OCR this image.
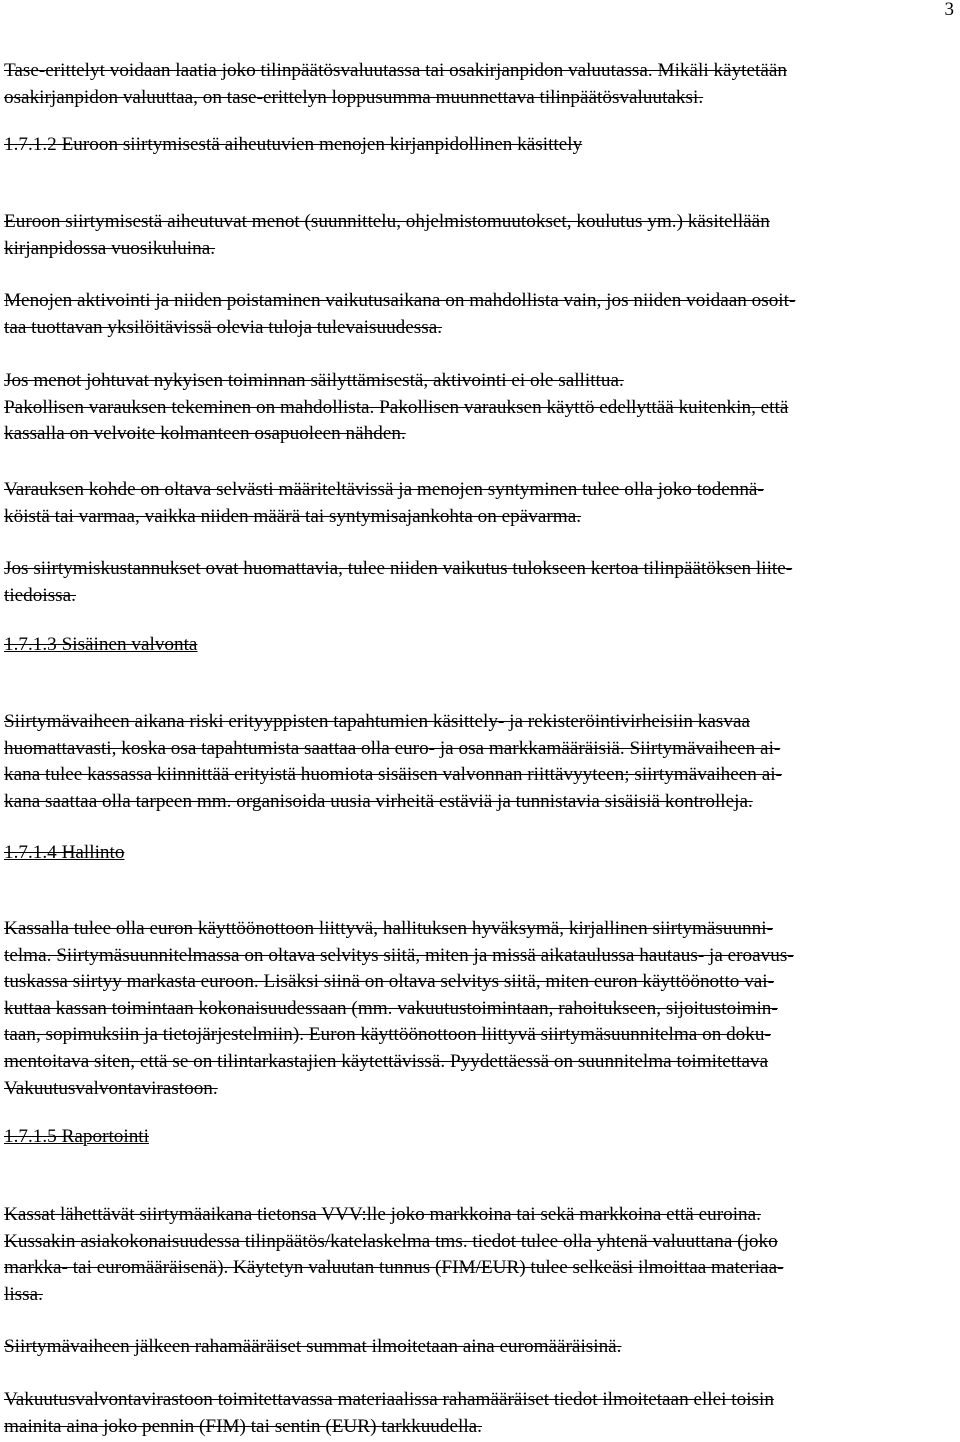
3
Tase-erittelyt voidaan laatia joko tilinpäätösvaluutassa tai osakirjanpidon valuutassa. Mikäli käytetään
osakirjanpidon valuuttaa, on tase-erittelyn loppusumma muunnettava tilinpäätösvaluutaksi.
1.7.1.2 Euroon siirtymisestä aiheutuvien menojen kirjanpidollinen käsittely
Euroon siirtymisestä aiheutuvat menot (suunnittelu, ohjelmistomuutokset, koulutus ym.) käsitellään
kirjanpidossa vuosikuluina.
Menojen aktivointi ja niiden poistaminen vaikutusaikana on mahdollista vain, jos niiden voidaan osoit-
taa tuottavan yksilöitävissä olevia tuloja tulevaisuudessa.
Jos menot johtuvat nykyisen toiminnan säilyttämisestä, aktivointi ei ole sallittua.
Pakollisen varauksen tekeminen on mahdollista. Pakollisen varauksen käyttö edellyttää kuitenkin, että
kassalla on velvoite kolmanteen osapuoleen nähden.
Varauksen kohde on oltava selvästi määriteltävissä ja menojen syntyminen tulee olla joko todennä-
köistä tai varmaa, vaikka niiden määrä tai syntymisajankohta on epävarma.
Jos siirtymiskustannukset ovat huomattavia, tulee niiden vaikutus tulokseen kertoa tilinpäätöksen liite-
tiedoissa.
1.7.1.3 Sisäinen valvonta
Siirtymävaiheen aikana riski erityyppisten tapahtumien käsittely- ja rekisteröintivirheisiin kasvaa
huomattavasti, koska osa tapahtumista saattaa olla euro- ja osa markkamääräisiä. Siirtymävaiheen ai-
kana tulee kassassa kiinnittää erityistä huomiota sisäisen valvonnan riittävyyteen; siirtymävaiheen ai-
kana saattaa olla tarpeen mm. organisoida uusia virheitä estäviä ja tunnistavia sisäisiä kontrolleja.
1.7.1.4 Hallinto
Kassalla tulee olla euron käyttöönottoon liittyvä, hallituksen hyväksymä, kirjallinen siirtymäsuunni-
telma. Siirtymäsuunnitelmassa on oltava selvitys siitä, miten ja missä aikataulussa hautaus- ja eroavus-
tuskassa siirtyy markasta euroon. Lisäksi siinä on oltava selvitys siitä, miten euron käyttöönotto vai-
kuttaa kassan toimintaan kokonaisuudessaan (mm. vakuutustoimintaan, rahoitukseen, sijoitustoimin-
taan, sopimuksiin ja tietojärjestelmiin). Euron käyttöönottoon liittyvä siirtymäsuunnitelma on doku-
mentoitava siten, että se on tilintarkastajien käytettävissä. Pyydettäessä on suunnitelma toimitettava
Vakuutusvalvontavirastoon.
1.7.1.5 Raportointi
Kassat lähettävät siirtymäaikana tietonsa VVV:lle joko markkoina tai sekä markkoina että euroina.
Kussakin asiakokonaisuudessa tilinpäätös/katelaskelma tms. tiedot tulee olla yhtenä valuuttana (joko
markka- tai euromääräisenä). Käytetyn valuutan tunnus (FIM/EUR) tulee selkeäsi ilmoittaa materiaa-
lissa.
Siirtymävaiheen jälkeen rahamääräiset summat ilmoitetaan aina euromääräisinä.
Vakuutusvalvontavirastoon toimitettavassa materiaalissa rahamääräiset tiedot ilmoitetaan ellei toisin
mainita aina joko pennin (FIM) tai sentin (EUR) tarkkuudella.
